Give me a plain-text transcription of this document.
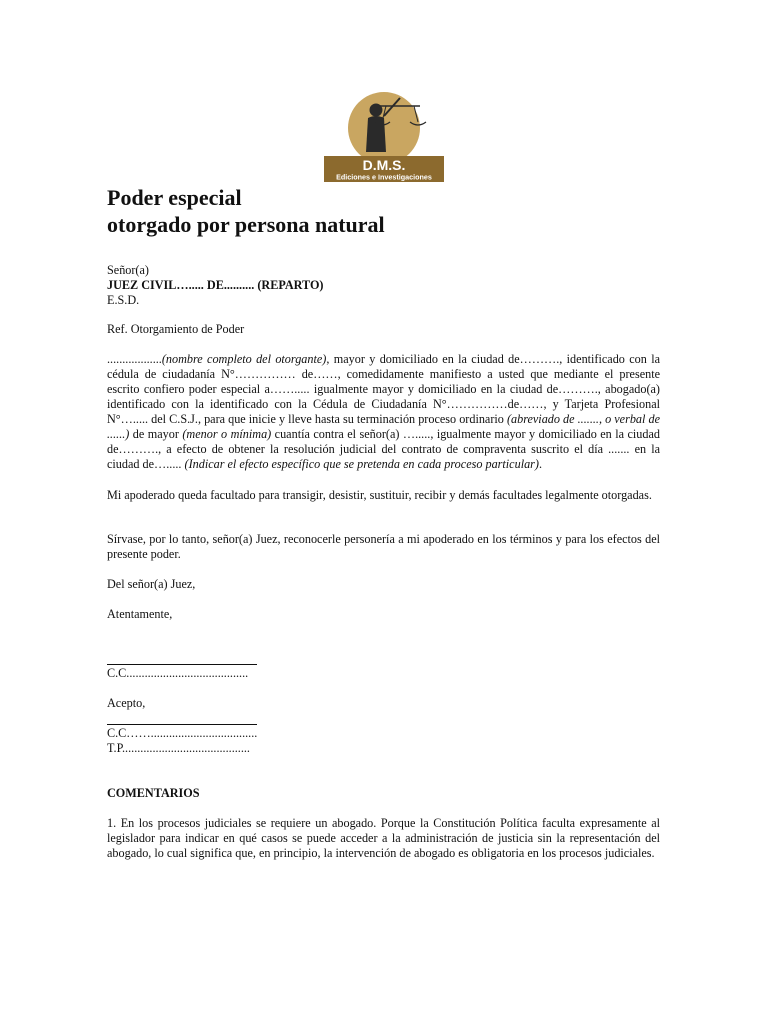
D.M.S.
Ediciones e Investigaciones
Poder especial
otorgado por persona natural
Señor(a)
JUEZ CIVIL…..... DE.......... (REPARTO)
E.S.D.
Ref. Otorgamiento de Poder

..................(nombre completo del otorgante), mayor y domiciliado en la ciudad de………., identificado con la cédula de ciudadanía N°…………… de……, comedidamente manifiesto a usted que mediante el presente escrito confiero poder especial a……..... igualmente mayor y domiciliado en la ciudad de………., abogado(a) identificado con la identificado con la Cédula de Ciudadanía N°……………de……, y Tarjeta Profesional N°…..... del C.S.J., para que inicie y lleve hasta su terminación proceso ordinario (abreviado de ......., o verbal de ......) de mayor (menor o mínima) cuantía contra el señor(a) …....., igualmente mayor y domiciliado en la ciudad de………., a efecto de obtener la resolución judicial del contrato de compraventa suscrito el día ....... en la ciudad de…..... (Indicar el efecto específico que se pretenda en cada proceso particular).

Mi apoderado queda facultado para transigir, desistir, sustituir, recibir y demás facultades legalmente otorgadas.

Sírvase, por lo tanto, señor(a) Juez, reconocerle personería a mi apoderado en los términos y para los efectos del presente poder.

Del señor(a) Juez,
Atentamente,
C.C........................................
Acepto,
C.C……...................................
T.P..........................................
COMENTARIOS

1. En los procesos judiciales se requiere un abogado. Porque la Constitución Política faculta expresamente al legislador para indicar en qué casos se puede acceder a la administración de justicia sin la representación del abogado, lo cual significa que, en principio, la intervención de abogado es obligatoria en los procesos judiciales.
